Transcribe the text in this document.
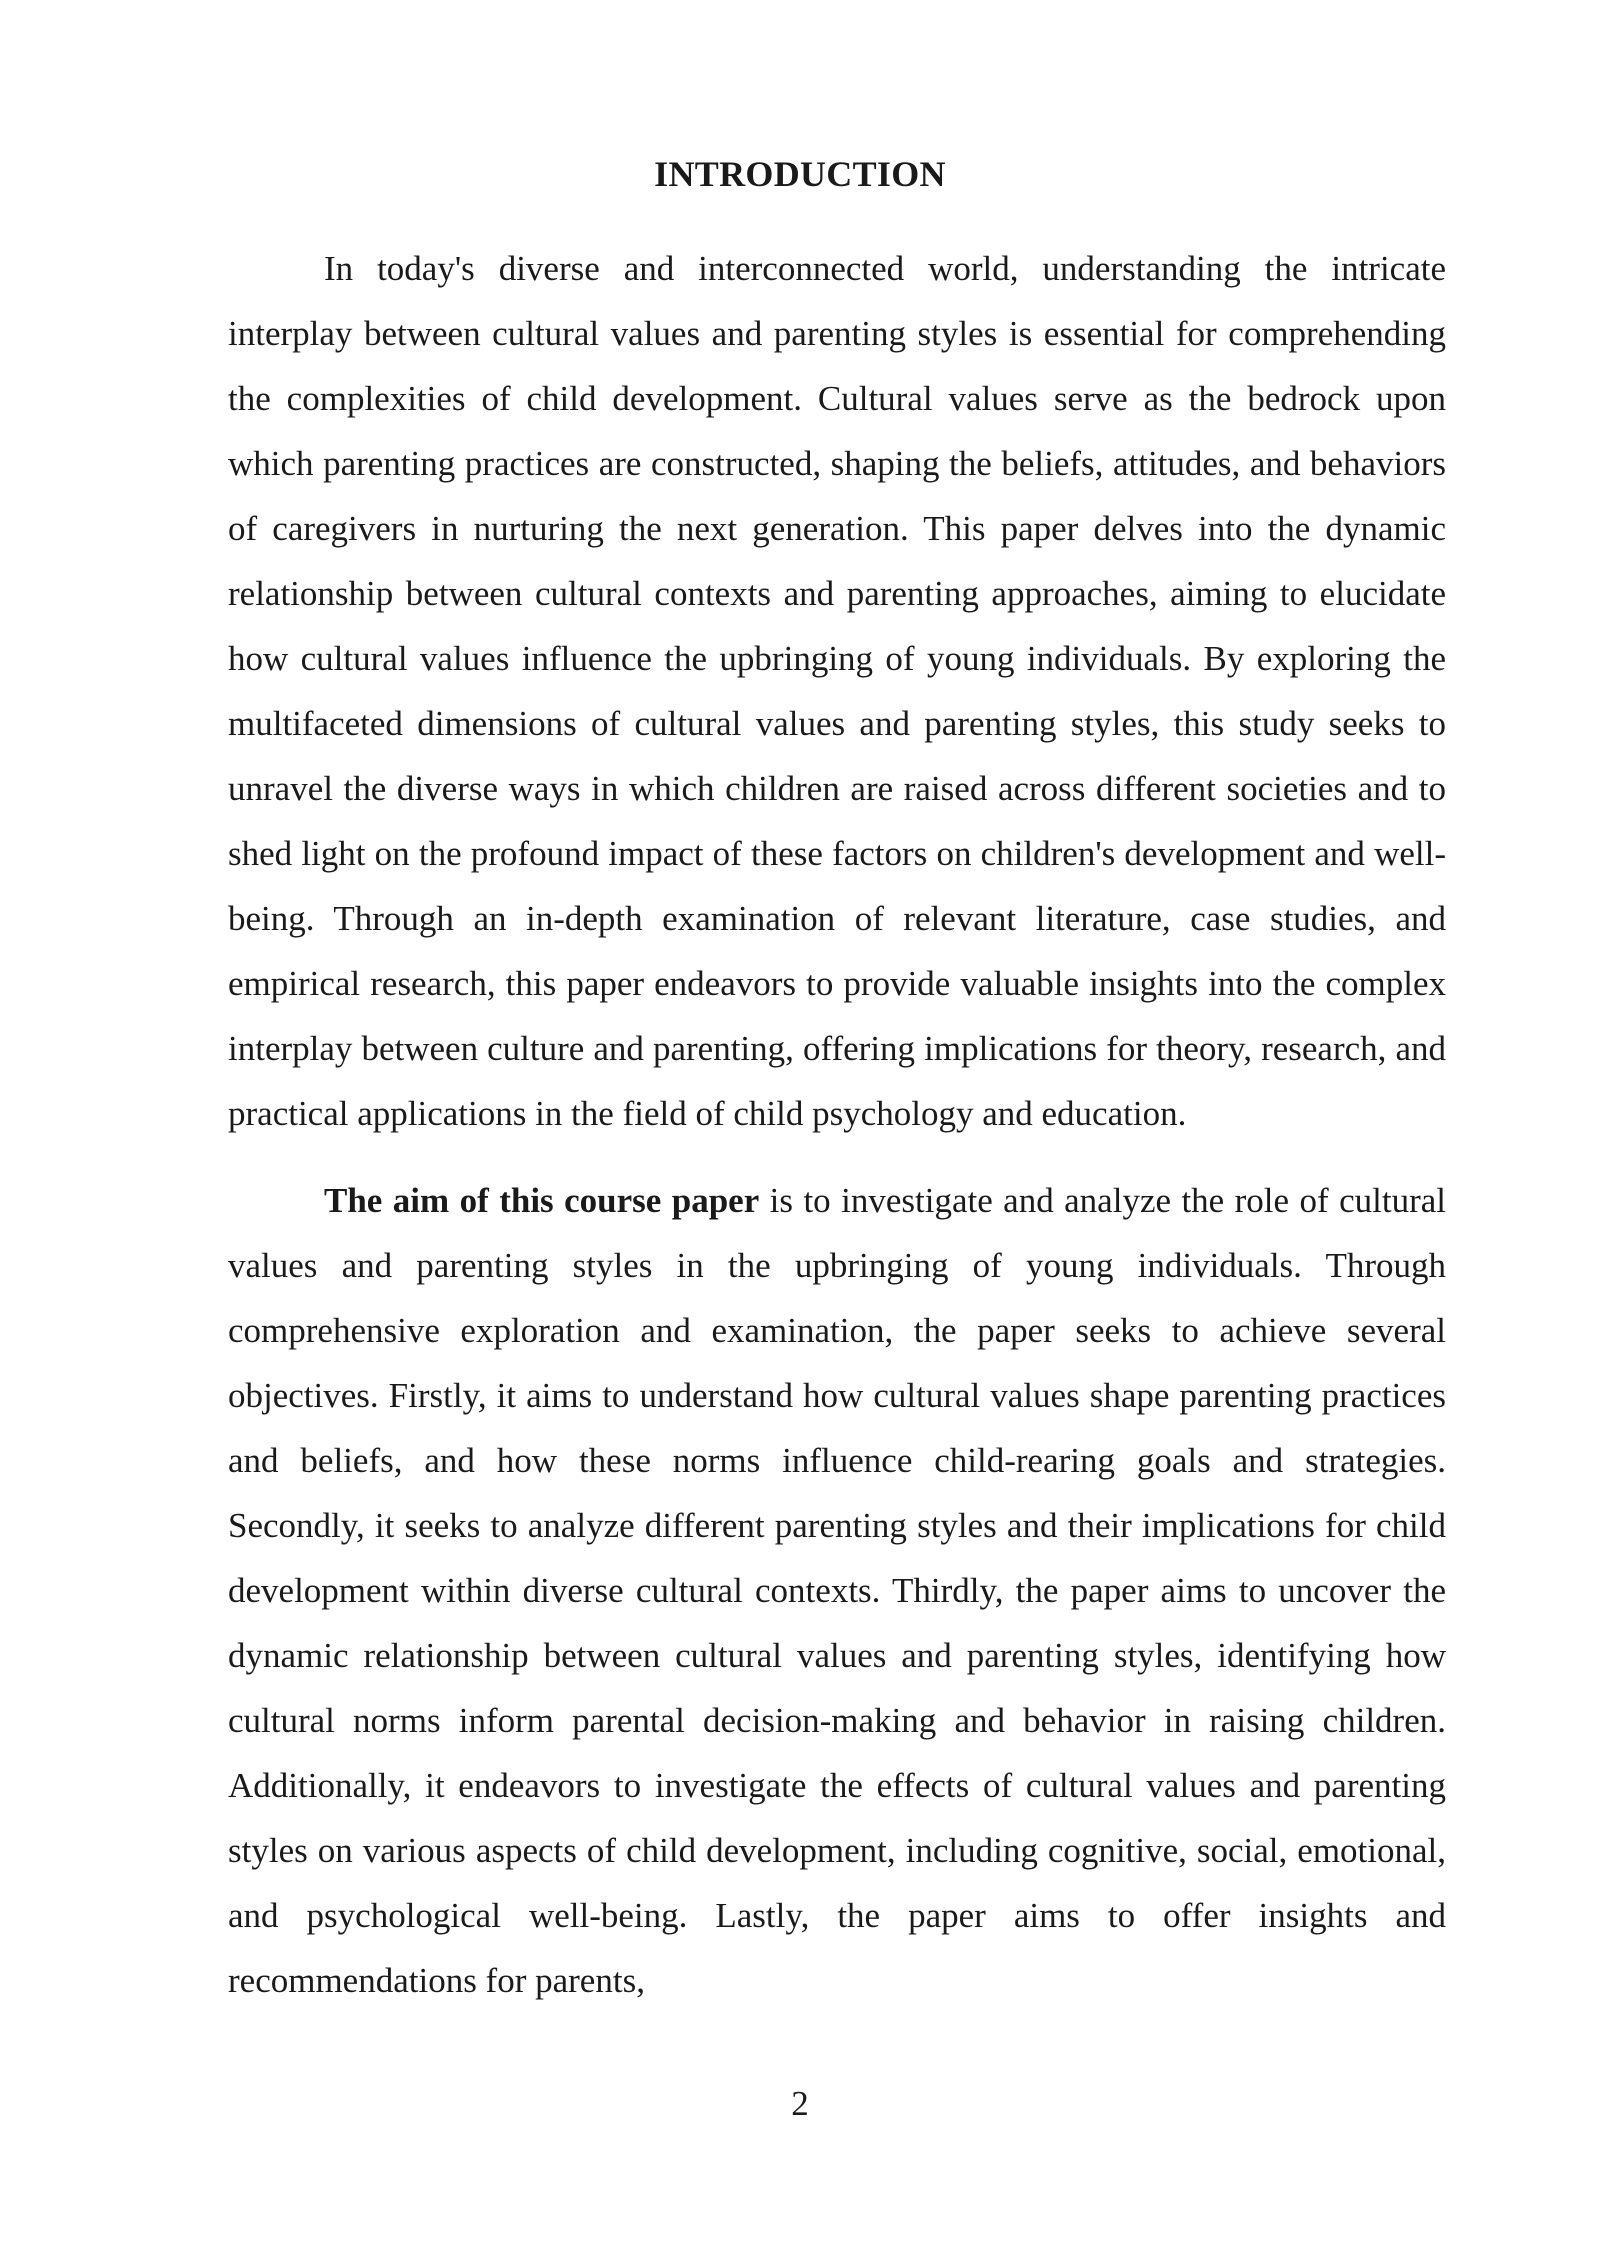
INTRODUCTION

In today's diverse and interconnected world, understanding the intricate interplay between cultural values and parenting styles is essential for comprehending the complexities of child development. Cultural values serve as the bedrock upon which parenting practices are constructed, shaping the beliefs, attitudes, and behaviors of caregivers in nurturing the next generation. This paper delves into the dynamic relationship between cultural contexts and parenting approaches, aiming to elucidate how cultural values influence the upbringing of young individuals. By exploring the multifaceted dimensions of cultural values and parenting styles, this study seeks to unravel the diverse ways in which children are raised across different societies and to shed light on the profound impact of these factors on children's development and well-being. Through an in-depth examination of relevant literature, case studies, and empirical research, this paper endeavors to provide valuable insights into the complex interplay between culture and parenting, offering implications for theory, research, and practical applications in the field of child psychology and education.

The aim of this course paper is to investigate and analyze the role of cultural values and parenting styles in the upbringing of young individuals. Through comprehensive exploration and examination, the paper seeks to achieve several objectives. Firstly, it aims to understand how cultural values shape parenting practices and beliefs, and how these norms influence child-rearing goals and strategies. Secondly, it seeks to analyze different parenting styles and their implications for child development within diverse cultural contexts. Thirdly, the paper aims to uncover the dynamic relationship between cultural values and parenting styles, identifying how cultural norms inform parental decision-making and behavior in raising children. Additionally, it endeavors to investigate the effects of cultural values and parenting styles on various aspects of child development, including cognitive, social, emotional, and psychological well-being. Lastly, the paper aims to offer insights and recommendations for parents,

2
